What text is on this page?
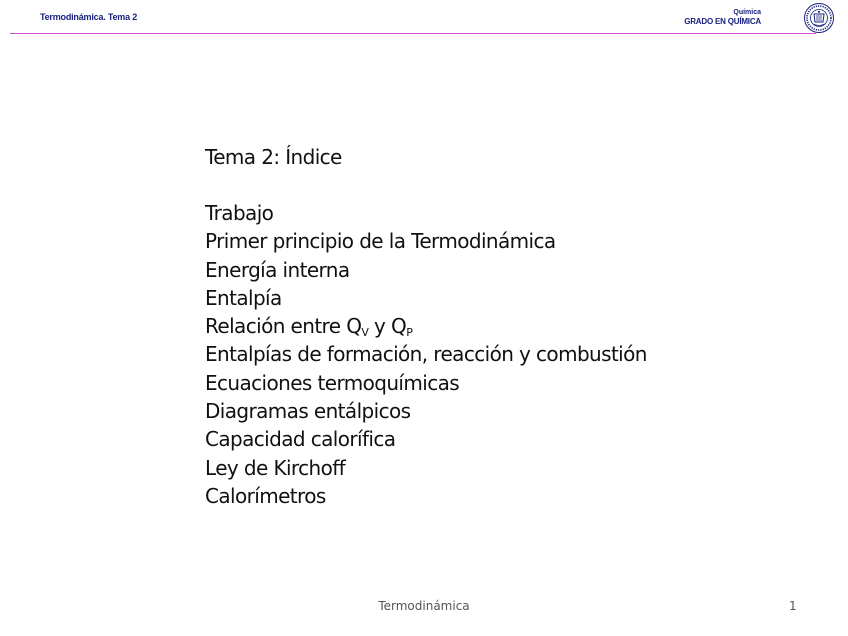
Termodinámica. Tema 2	Química
GRADO EN QUÍMICA
Tema 2: Índice
Trabajo
Primer principio de la Termodinámica
Energía interna
Entalpía
Relación entre $Q_V$ y $Q_P$
Entalpías de formación, reacción y combustión
Ecuaciones termoquímicas
Diagramas entálpicos
Capacidad calorífica
Ley de Kirchoff
Calorímetros
Termodinámica	1
